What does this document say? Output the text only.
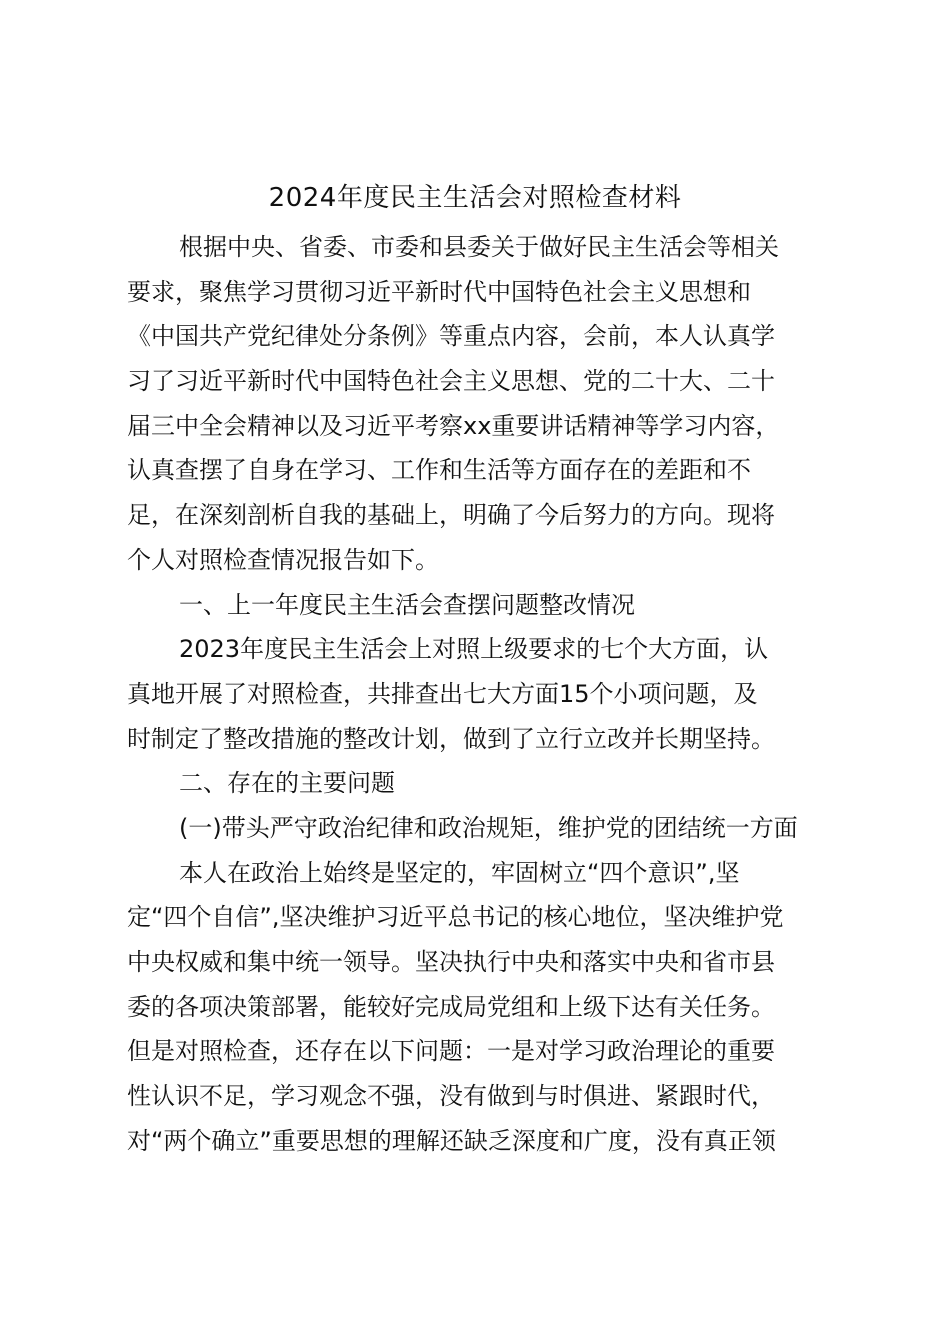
2024年度民主生活会对照检查材料
根据中央、省委、市委和县委关于做好民主生活会等相关
要求，聚焦学习贯彻习近平新时代中国特色社会主义思想和
《中国共产党纪律处分条例》等重点内容，会前，本人认真学
习了习近平新时代中国特色社会主义思想、党的二十大、二十
届三中全会精神以及习近平考察xx重要讲话精神等学习内容，
认真查摆了自身在学习、工作和生活等方面存在的差距和不
足，在深刻剖析自我的基础上，明确了今后努力的方向。现将
个人对照检查情况报告如下。
一、上一年度民主生活会查摆问题整改情况
2023年度民主生活会上对照上级要求的七个大方面，认
真地开展了对照检查，共排查出七大方面15个小项问题，及
时制定了整改措施的整改计划，做到了立行立改并长期坚持。
二、存在的主要问题
(一)带头严守政治纪律和政治规矩，维护党的团结统一方面
本人在政治上始终是坚定的，牢固树立“四个意识”,坚
定“四个自信”,坚决维护习近平总书记的核心地位，坚决维护党
中央权威和集中统一领导。坚决执行中央和落实中央和省市县
委的各项决策部署，能较好完成局党组和上级下达有关任务。
但是对照检查，还存在以下问题：一是对学习政治理论的重要
性认识不足，学习观念不强，没有做到与时俱进、紧跟时代，
对“两个确立”重要思想的理解还缺乏深度和广度，没有真正领
